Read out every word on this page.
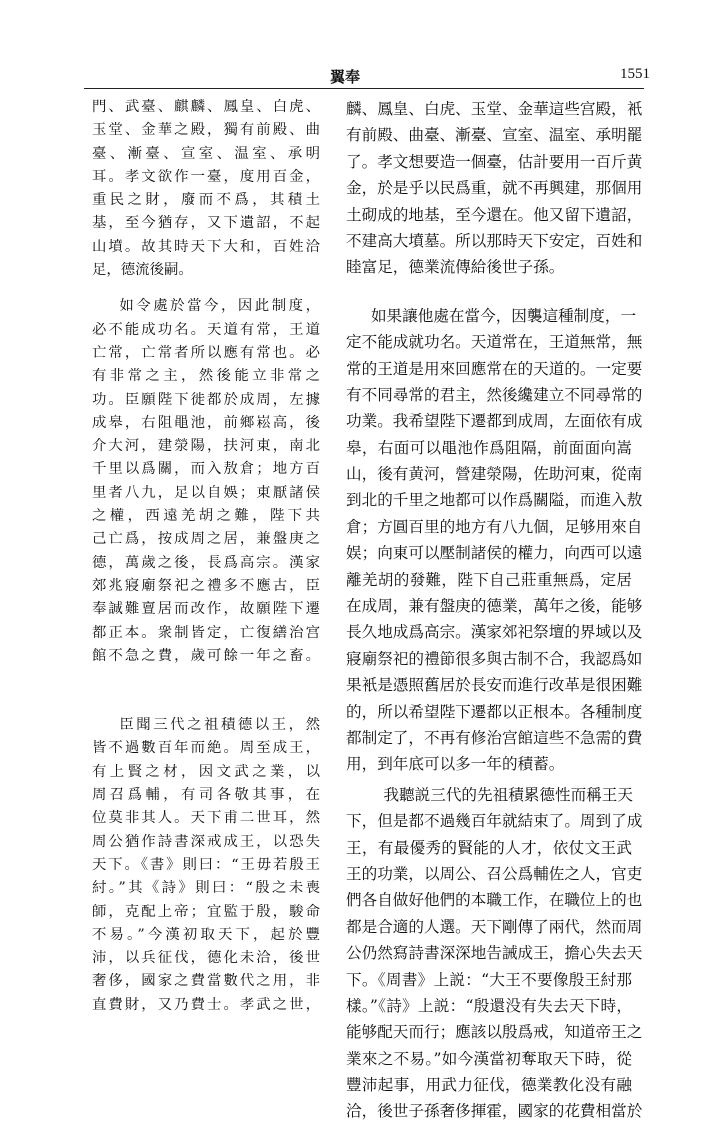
翼奉	1551
門、武臺、麒麟、鳳皇、白虎、
玉堂、金華之殿，獨有前殿、曲
臺、漸臺、宣室、温室、承明
耳。孝文欲作一臺，度用百金，
重民之財，廢而不爲，其積土
基，至今猶存，又下遺詔，不起
山墳。故其時天下大和，百姓洽
足，德流後嗣。
如令處於當今，因此制度，
必不能成功名。天道有常，王道
亡常，亡常者所以應有常也。必
有非常之主，然後能立非常之
功。臣願陛下徙都於成周，左據
成皋，右阻黽池，前鄉崧高，後
介大河，建滎陽，扶河東，南北
千里以爲關，而入敖倉；地方百
里者八九，足以自娛；東厭諸侯
之權，西遠羌胡之難，陛下共
己亡爲，按成周之居，兼盤庚之
德，萬歲之後，長爲高宗。漢家
郊兆寢廟祭祀之禮多不應古，臣
奉誠難亶居而改作，故願陛下遷
都正本。衆制皆定，亡復繕治宫
館不急之費，歲可餘一年之畜。
臣聞三代之祖積德以王，然
皆不過數百年而絶。周至成王，
有上賢之材，因文武之業，以
周召爲輔，有司各敬其事，在
位莫非其人。天下甫二世耳，然
周公猶作詩書深戒成王，以恐失
天下。《書》則曰：“王毋若殷王
紂。”其《詩》則曰：“殷之未喪
師，克配上帝；宜監于殷，駿命
不易。”今漢初取天下，起於豐
沛，以兵征伐，德化未洽，後世
奢侈，國家之費當數代之用，非
直費財，又乃費士。孝武之世，
麟、鳳皇、白虎、玉堂、金華這些宫殿，衹
有前殿、曲臺、漸臺、宣室、温室、承明罷
了。孝文想要造一個臺，估計要用一百斤黄
金，於是乎以民爲重，就不再興建，那個用
土砌成的地基，至今還在。他又留下遺詔，
不建高大墳墓。所以那時天下安定，百姓和
睦富足，德業流傳給後世子孫。
如果讓他處在當今，因襲這種制度，一
定不能成就功名。天道常在，王道無常，無
常的王道是用來回應常在的天道的。一定要
有不同尋常的君主，然後纔建立不同尋常的
功業。我希望陛下遷都到成周，左面依有成
皋，右面可以黽池作爲阻隔，前面面向嵩
山，後有黄河，營建滎陽，佐助河東，從南
到北的千里之地都可以作爲關隘，而進入敖
倉；方圓百里的地方有八九個，足够用來自
娱；向東可以壓制諸侯的權力，向西可以遠
離羌胡的發難，陛下自己莊重無爲，定居
在成周，兼有盤庚的德業，萬年之後，能够
長久地成爲高宗。漢家郊祀祭壇的界域以及
寢廟祭祀的禮節很多與古制不合，我認爲如
果衹是憑照舊居於長安而進行改革是很困難
的，所以希望陛下遷都以正根本。各種制度
都制定了，不再有修治宫館這些不急需的費
用，到年底可以多一年的積蓄。
我聽説三代的先祖積累德性而稱王天
下，但是都不過幾百年就結束了。周到了成
王，有最優秀的賢能的人才，依仗文王武
王的功業，以周公、召公爲輔佐之人，官吏
們各自做好他們的本職工作，在職位上的也
都是合適的人選。天下剛傳了兩代，然而周
公仍然寫詩書深深地告誡成王，擔心失去天
下。《周書》上説：“大王不要像殷王紂那
樣。”《詩》上説：“殷還没有失去天下時，
能够配天而行；應該以殷爲戒，知道帝王之
業來之不易。”如今漢當初奪取天下時，從
豐沛起事，用武力征伐，德業教化没有融
洽，後世子孫奢侈揮霍，國家的花費相當於
